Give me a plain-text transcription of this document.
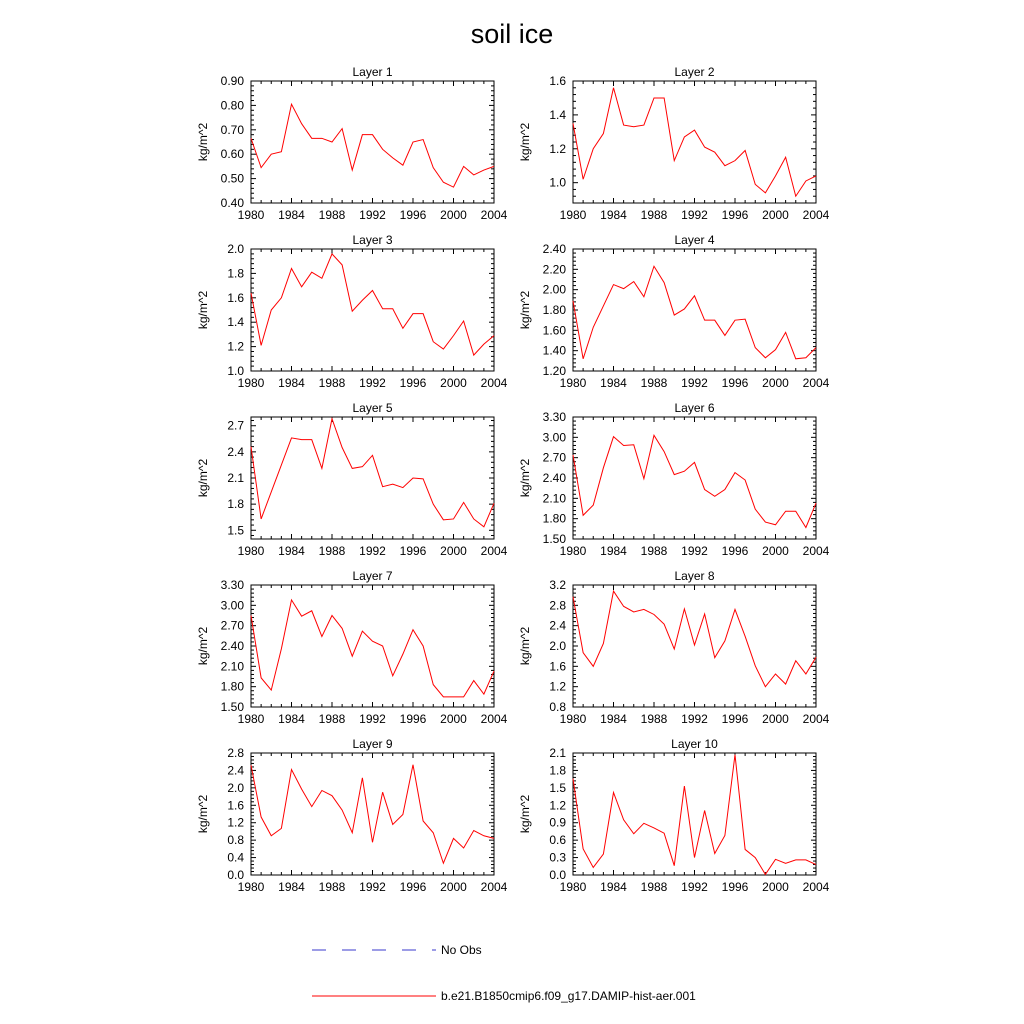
soil ice
Layer 1
1980 1984 1988 1992 1996 2000 2004
0.40
0.50
0.60
0.70
0.80
0.90
kg/m^2
Layer 2
1980 1984 1988 1992 1996 2000 2004
1.0
1.2
1.4
1.6
kg/m^2
Layer 3
1980 1984 1988 1992 1996 2000 2004
1.0
1.2
1.4
1.6
1.8
2.0
kg/m^2
Layer 4
1980 1984 1988 1992 1996 2000 2004
1.20
1.40
1.60
1.80
2.00
2.20
2.40
kg/m^2
Layer 5
1980 1984 1988 1992 1996 2000 2004
1.5
1.8
2.1
2.4
2.7
kg/m^2
Layer 6
1980 1984 1988 1992 1996 2000 2004
1.50
1.80
2.10
2.40
2.70
3.00
3.30
kg/m^2
Layer 7
1980 1984 1988 1992 1996 2000 2004
1.50
1.80
2.10
2.40
2.70
3.00
3.30
kg/m^2
Layer 8
1980 1984 1988 1992 1996 2000 2004
0.8
1.2
1.6
2.0
2.4
2.8
3.2
kg/m^2
Layer 9
1980 1984 1988 1992 1996 2000 2004
0.0
0.4
0.8
1.2
1.6
2.0
2.4
2.8
kg/m^2
Layer 10
1980 1984 1988 1992 1996 2000 2004
0.0
0.3
0.6
0.9
1.2
1.5
1.8
2.1
kg/m^2
No Obs
b.e21.B1850cmip6.f09_g17.DAMIP-hist-aer.001
